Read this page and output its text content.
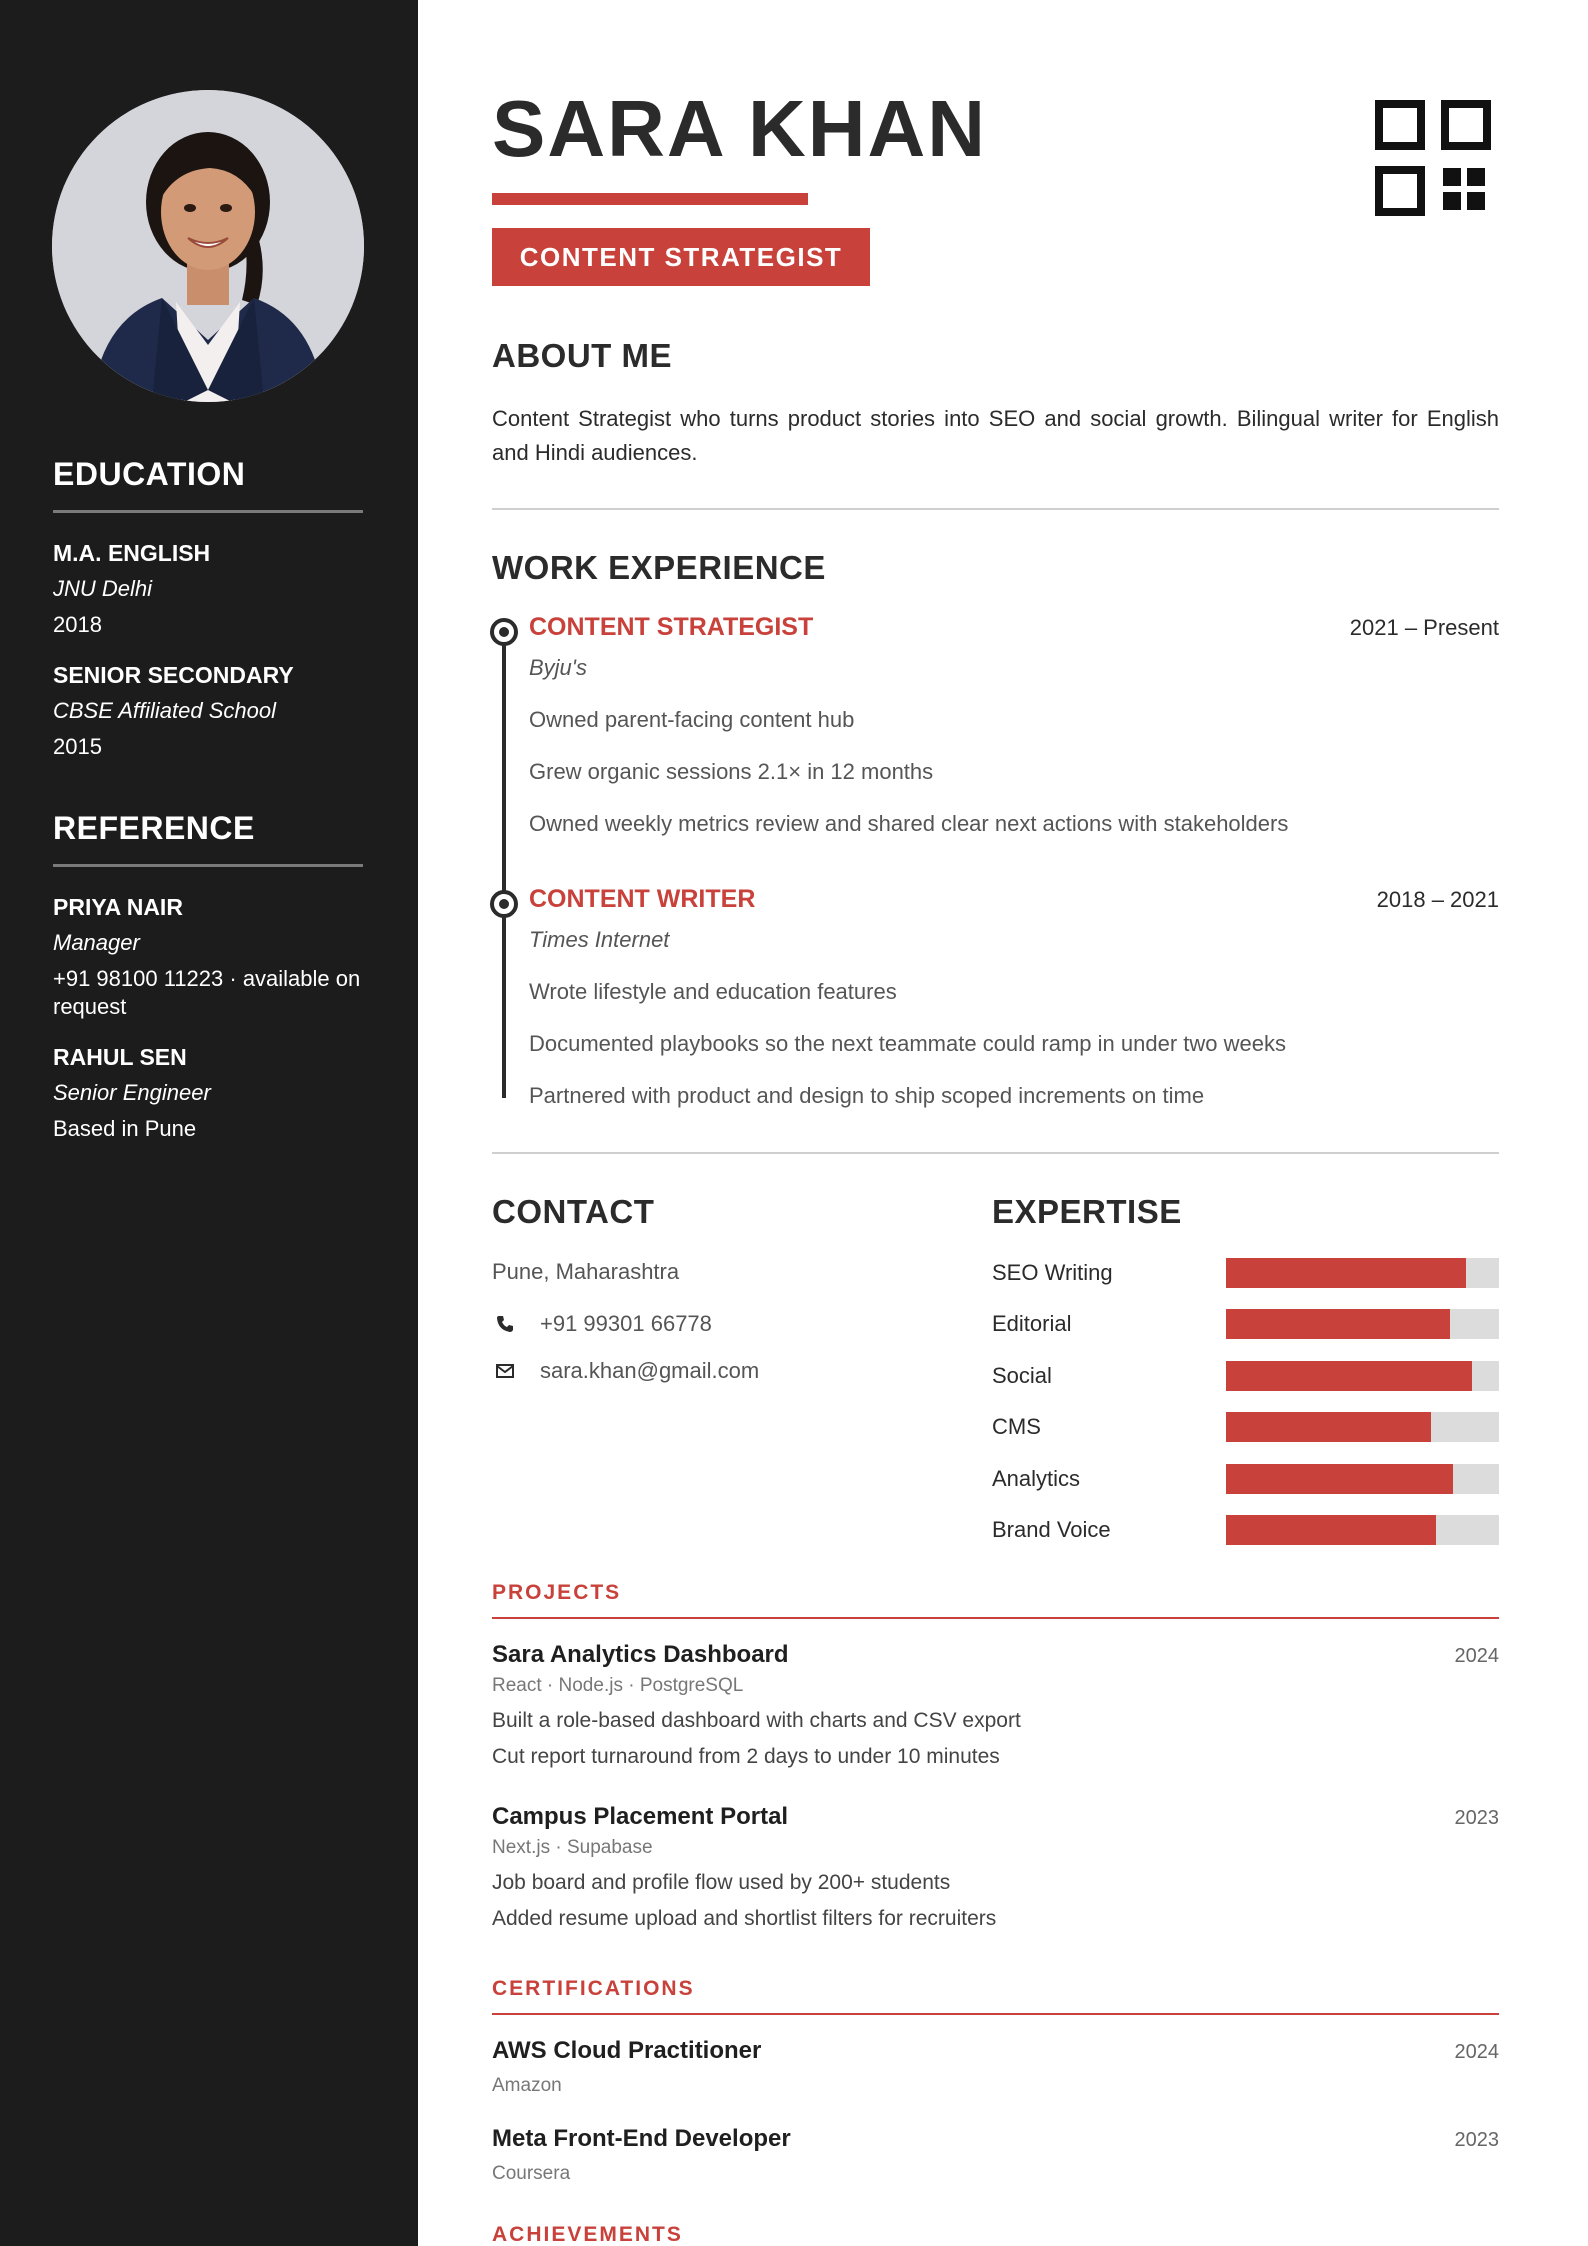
EDUCATION
M.A. ENGLISH
JNU Delhi
2018
SENIOR SECONDARY
CBSE Affiliated School
2015
REFERENCE
PRIYA NAIR
Manager
+91 98100 11223 · available on request
RAHUL SEN
Senior Engineer
Based in Pune
SARA KHAN
CONTENT STRATEGIST
ABOUT ME
Content Strategist who turns product stories into SEO and social growth. Bilingual writer for English and Hindi audiences.
WORK EXPERIENCE
CONTENT STRATEGIST	2021 – Present
Byju's
Owned parent-facing content hub
Grew organic sessions 2.1× in 12 months
Owned weekly metrics review and shared clear next actions with stakeholders
CONTENT WRITER	2018 – 2021
Times Internet
Wrote lifestyle and education features
Documented playbooks so the next teammate could ramp in under two weeks
Partnered with product and design to ship scoped increments on time
CONTACT
Pune, Maharashtra
+91 99301 66778
sara.khan@gmail.com
EXPERTISE
SEO Writing
Editorial
Social
CMS
Analytics
Brand Voice
PROJECTS
Sara Analytics Dashboard	2024
React · Node.js · PostgreSQL
Built a role-based dashboard with charts and CSV export
Cut report turnaround from 2 days to under 10 minutes
Campus Placement Portal	2023
Next.js · Supabase
Job board and profile flow used by 200+ students
Added resume upload and shortlist filters for recruiters
CERTIFICATIONS
AWS Cloud Practitioner	2024
Amazon
Meta Front-End Developer	2023
Coursera
ACHIEVEMENTS
